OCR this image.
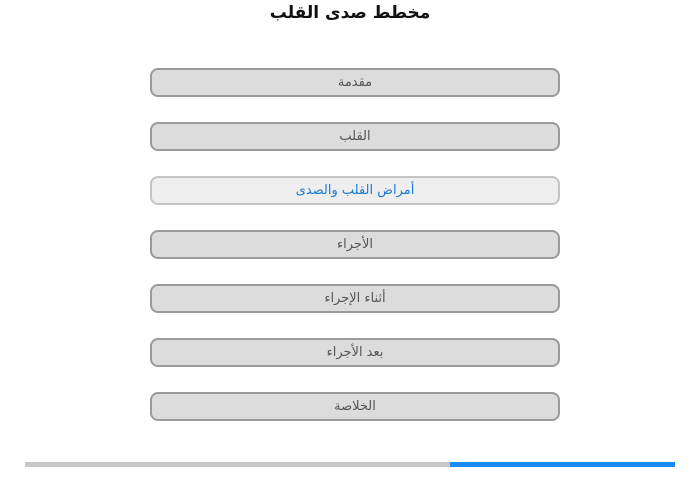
مخطط صدى القلب
مقدمة
القلب
أمراض القلب والصدى
الأجراء
أثناء الإجراء
بعد الأجراء
الخلاصة
